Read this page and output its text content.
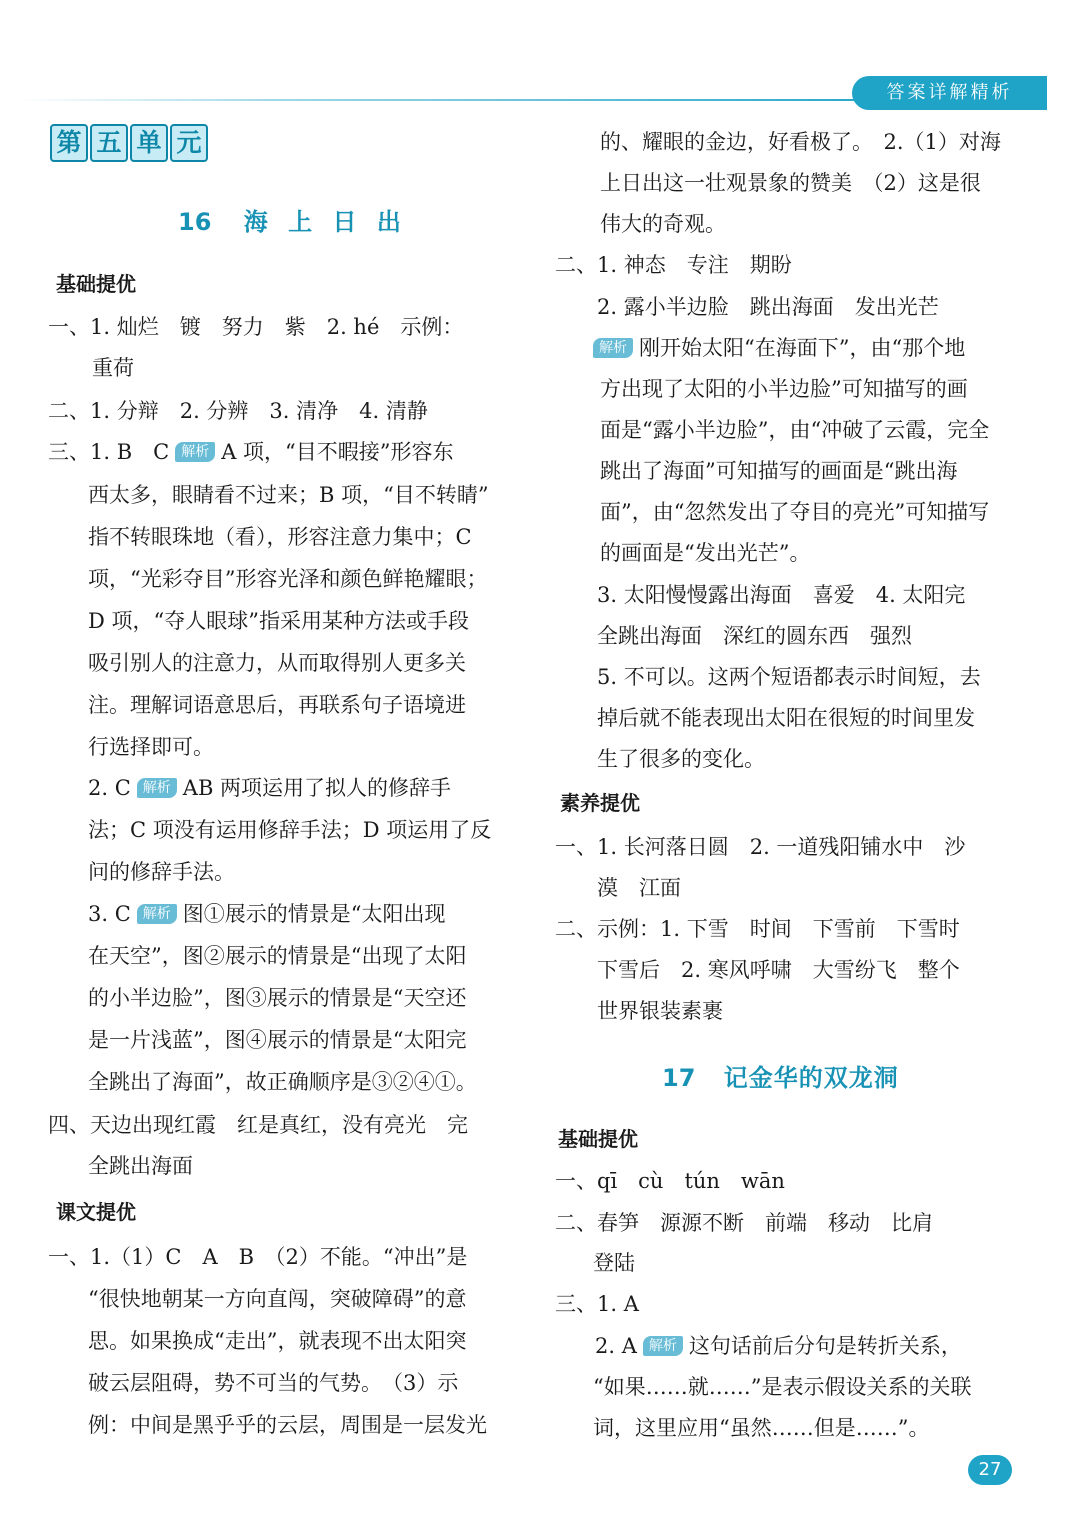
答案详解精析
第 五 单 元
16 海 上 日 出
基础提优
一、1. 灿烂　镀　努力　紫　2. hé　示例：
重荷
二、1. 分辩　2. 分辨　3. 清净　4. 清静
三、1. B　C 解析 A 项，“目不暇接”形容东
西太多，眼睛看不过来；B 项，“目不转睛”
指不转眼珠地（看），形容注意力集中；C
项，“光彩夺目”形容光泽和颜色鲜艳耀眼；
D 项，“夺人眼球”指采用某种方法或手段
吸引别人的注意力，从而取得别人更多关
注。理解词语意思后，再联系句子语境进
行选择即可。
2. C 解析 AB 两项运用了拟人的修辞手
法；C 项没有运用修辞手法；D 项运用了反
问的修辞手法。
3. C 解析 图①展示的情景是“太阳出现
在天空”，图②展示的情景是“出现了太阳
的小半边脸”，图③展示的情景是“天空还
是一片浅蓝”，图④展示的情景是“太阳完
全跳出了海面”，故正确顺序是③②④①。
四、天边出现红霞　红是真红，没有亮光　完
全跳出海面
课文提优
一、1.（1）C　A　B　（2）不能。“冲出”是
“很快地朝某一方向直闯，突破障碍”的意
思。如果换成“走出”，就表现不出太阳突
破云层阻碍，势不可当的气势。　（3）示
例：中间是黑乎乎的云层，周围是一层发光
的、耀眼的金边，好看极了。　2.（1）对海
上日出这一壮观景象的赞美　（2）这是很
伟大的奇观。
二、1. 神态　专注　期盼
2. 露小半边脸　跳出海面　发出光芒
解析 刚开始太阳“在海面下”，由“那个地
方出现了太阳的小半边脸”可知描写的画
面是“露小半边脸”，由“冲破了云霞，完全
跳出了海面”可知描写的画面是“跳出海
面”，由“忽然发出了夺目的亮光”可知描写
的画面是“发出光芒”。
3. 太阳慢慢露出海面　喜爱　4. 太阳完
全跳出海面　深红的圆东西　强烈
5. 不可以。这两个短语都表示时间短，去
掉后就不能表现出太阳在很短的时间里发
生了很多的变化。
素养提优
一、1. 长河落日圆　2. 一道残阳铺水中　沙
漠　江面
二、示例：1. 下雪　时间　下雪前　下雪时
下雪后　2. 寒风呼啸　大雪纷飞　整个
世界银装素裹
17 记金华的双龙洞
基础提优
一、qī　cù　tún　wān
二、春笋　源源不断　前端　移动　比肩
登陆
三、1. A
2. A 解析 这句话前后分句是转折关系，
“如果……就……”是表示假设关系的关联
词，这里应用“虽然……但是……”。
27
